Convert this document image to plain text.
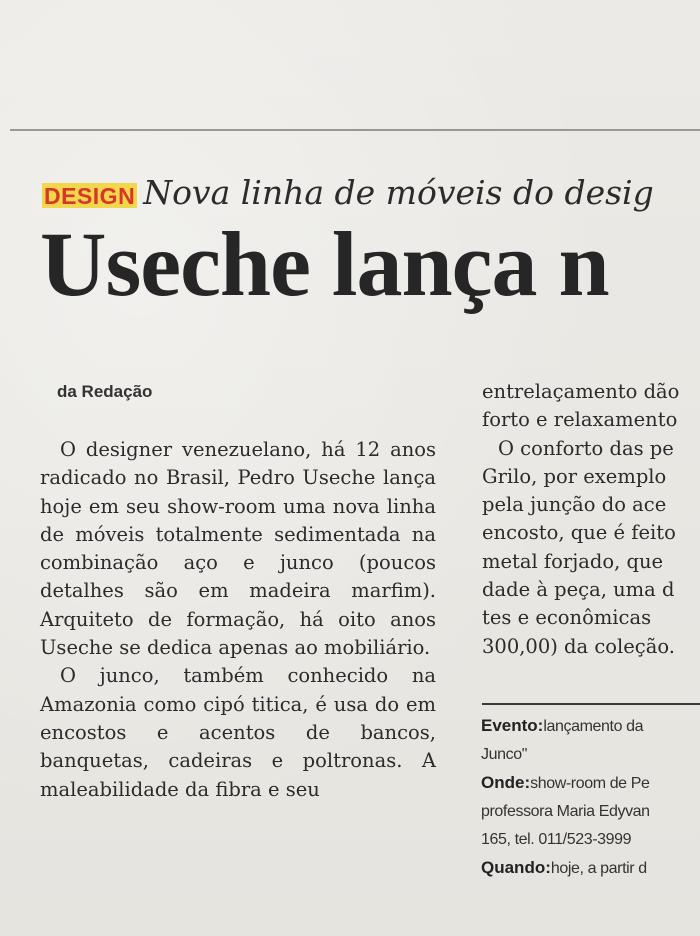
DESIGN Nova linha de móveis do desig
Useche lança n
da Redação

O designer venezuelano, há 12 anos radicado no Brasil, Pedro Useche lança hoje em seu show-room uma nova linha de móveis totalmente sedimentada na combinação aço e junco (poucos detalhes são em madeira marfim). Arquiteto de formação, há oito anos Useche se dedica apenas ao mobiliário.

O junco, também conhecido na Amazonia como cipó titica, é usa do em encostos e acentos de bancos, banquetas, cadeiras e poltronas. A maleabilidade da fibra e seu

entrelaçamento dão
forto e relaxamento
O conforto das pe
Grilo, por exemplo
pela junção do ace
encosto, que é feito
metal forjado, que
dade à peça, uma d
tes e econômicas
300,00) da coleção.
Evento:lançamento da
Junco"
Onde:show-room de Pe
professora Maria Edyvan
165, tel. 011/523-3999
Quando:hoje, a partir d
